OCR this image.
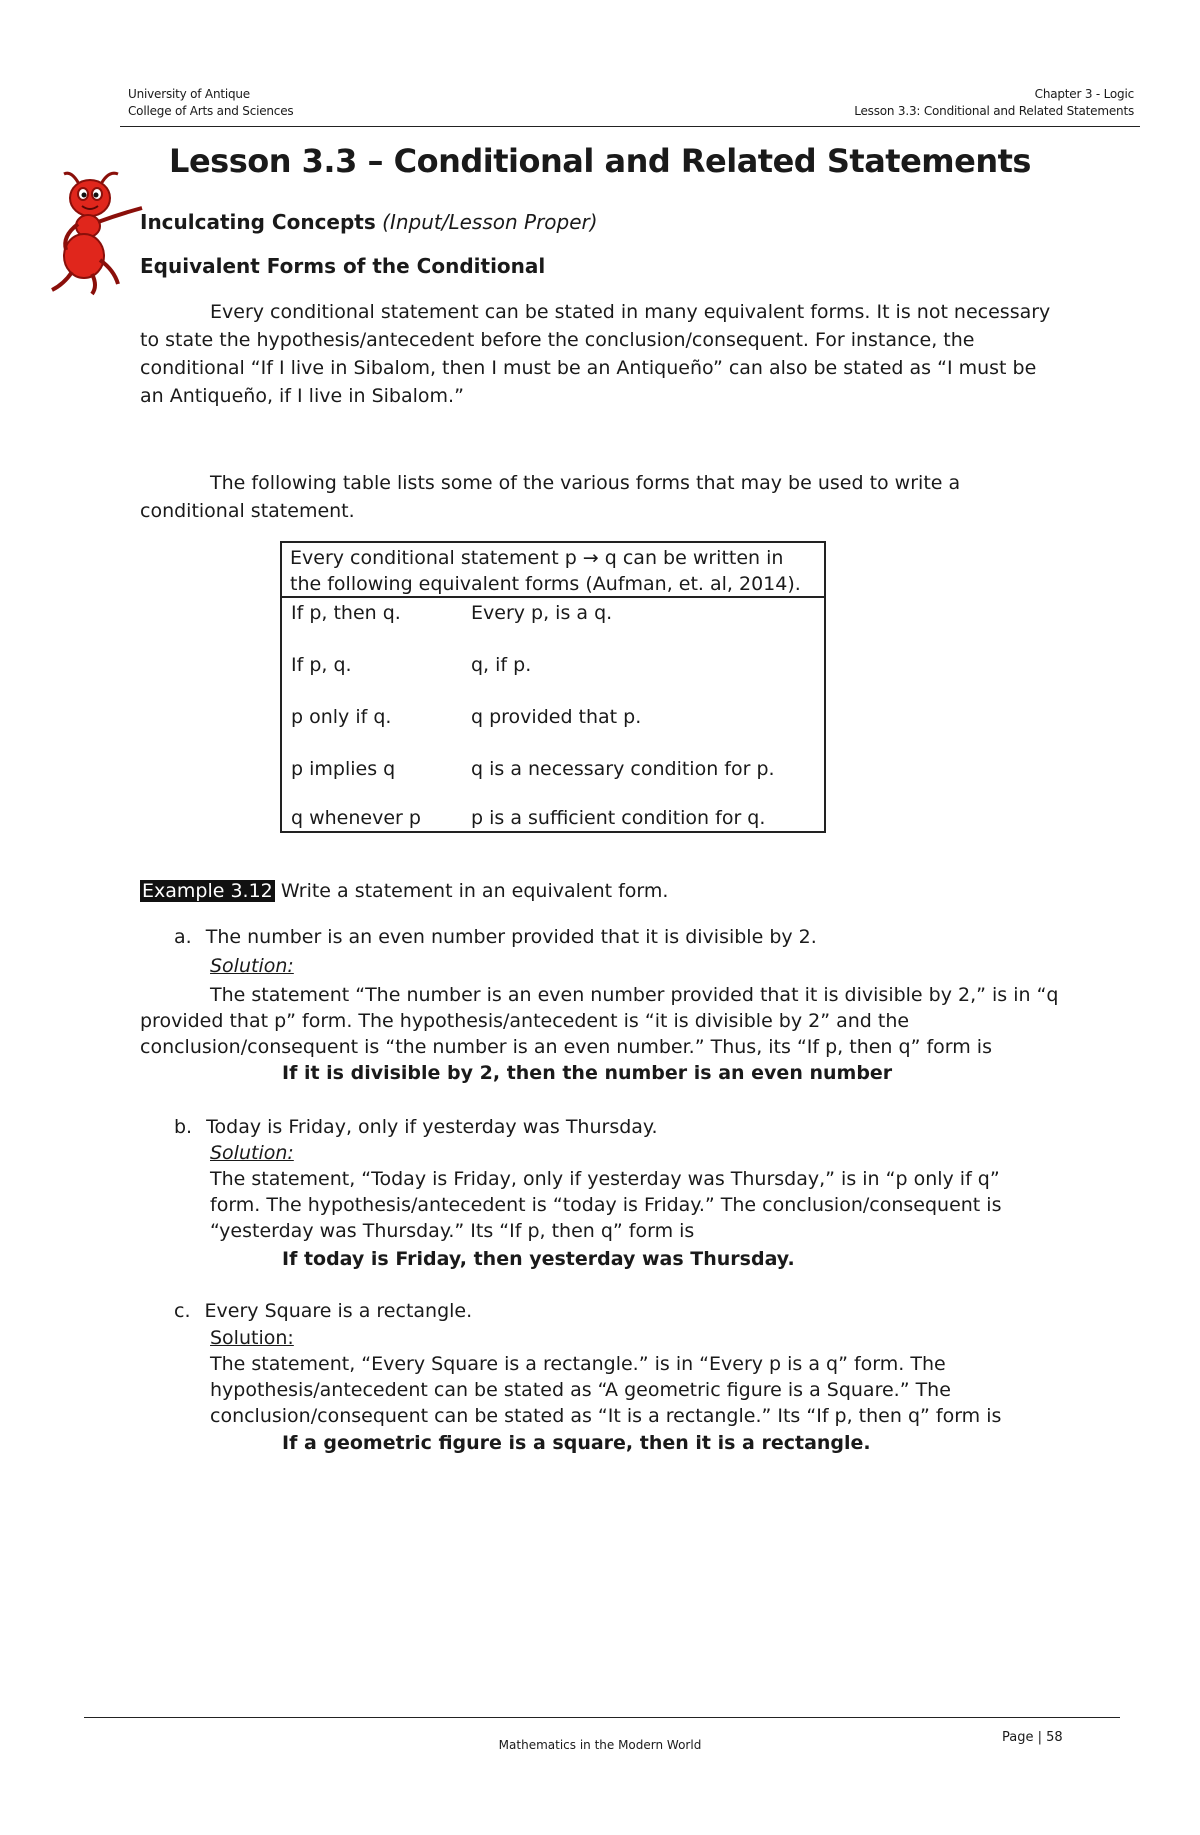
University of Antique
College of Arts and Sciences
Chapter 3 - Logic
Lesson 3.3: Conditional and Related Statements
Lesson 3.3 – Conditional and Related Statements
Inculcating Concepts (Input/Lesson Proper)
Equivalent Forms of the Conditional
Every conditional statement can be stated in many equivalent forms. It is not necessary to state the hypothesis/antecedent before the conclusion/consequent. For instance, the conditional “If I live in Sibalom, then I must be an Antiqueño” can also be stated as “I must be an Antiqueño, if I live in Sibalom.”
The following table lists some of the various forms that may be used to write a conditional statement.
Every conditional statement p → q can be written in
the following equivalent forms (Aufman, et. al, 2014).
If p, then q.	Every p, is a q.
If p, q.	q, if p.
p only if q.	q provided that p.
p implies q	q is a necessary condition for p.
q whenever p	p is a sufficient condition for q.
Example 3.12 Write a statement in an equivalent form.
a. The number is an even number provided that it is divisible by 2.
Solution:
The statement “The number is an even number provided that it is divisible by 2,” is in “q
provided that p” form. The hypothesis/antecedent is “it is divisible by 2” and the
conclusion/consequent is “the number is an even number.” Thus, its “If p, then q” form is
If it is divisible by 2, then the number is an even number
b. Today is Friday, only if yesterday was Thursday.
Solution:
The statement, “Today is Friday, only if yesterday was Thursday,” is in “p only if q”
form. The hypothesis/antecedent is “today is Friday.” The conclusion/consequent is
“yesterday was Thursday.” Its “If p, then q” form is
If today is Friday, then yesterday was Thursday.
c. Every Square is a rectangle.
Solution:
The statement, “Every Square is a rectangle.” is in “Every p is a q” form. The
hypothesis/antecedent can be stated as “A geometric figure is a Square.” The
conclusion/consequent can be stated as “It is a rectangle.” Its “If p, then q” form is
If a geometric figure is a square, then it is a rectangle.
Mathematics in the Modern World	Page | 58
